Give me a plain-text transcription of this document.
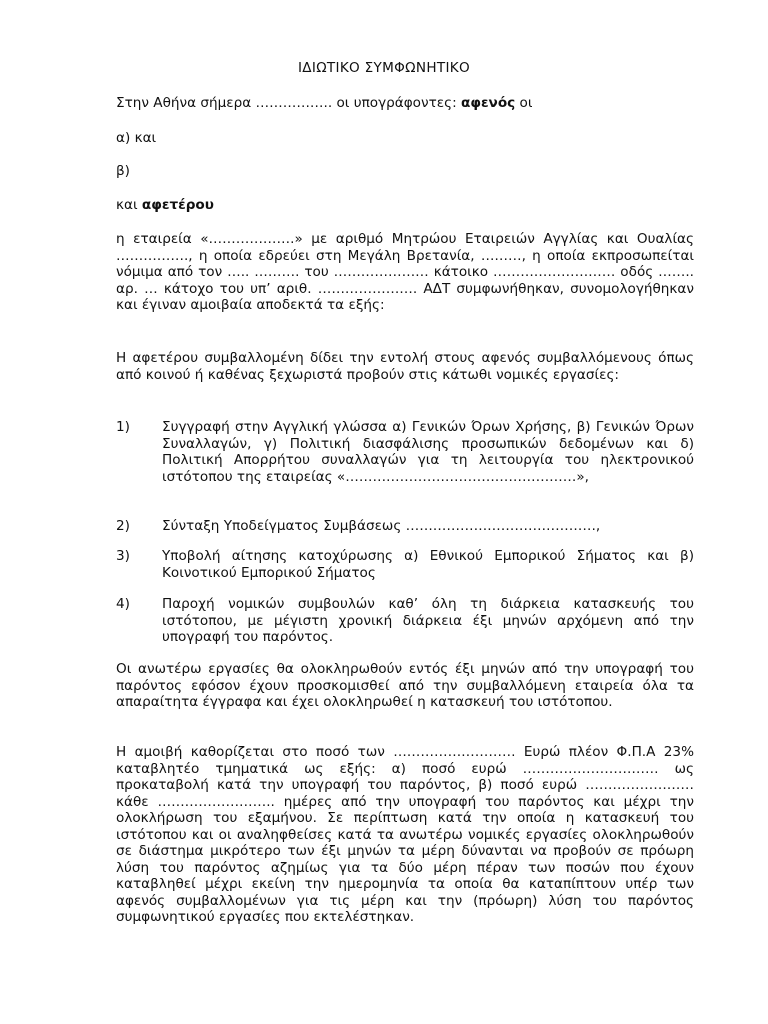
ΙΔΙΩΤΙΚΟ ΣΥΜΦΩΝΗΤΙΚΟ
Στην Αθήνα σήμερα …………….. οι υπογράφοντες: αφενός οι
α) και
β)
και αφετέρου
η εταιρεία «……………….» με αριθμό Μητρώου Εταιρειών Αγγλίας και Ουαλίας ……………., η οποία εδρεύει στη Μεγάλη Βρετανία, ………, η οποία εκπροσωπείται νόμιμα από τον ….. ………. του ………………… κάτοικο ……………………… οδός …….. αρ. … κάτοχο του υπ’ αριθ. …………………. ΑΔΤ συμφωνήθηκαν, συνομολογήθηκαν και έγιναν αμοιβαία αποδεκτά τα εξής:
Η αφετέρου συμβαλλομένη δίδει την εντολή στους αφενός συμβαλλόμενους όπως από κοινού ή καθένας ξεχωριστά προβούν στις κάτωθι νομικές εργασίες:
1) Συγγραφή στην Αγγλική γλώσσα α) Γενικών Όρων Χρήσης, β) Γενικών Όρων Συναλλαγών, γ) Πολιτική διασφάλισης προσωπικών δεδομένων και δ) Πολιτική Απορρήτου συναλλαγών για τη λειτουργία του ηλεκτρονικού ιστότοπου της εταιρείας «……………………………………………»,
2) Σύνταξη Υποδείγματος Συμβάσεως ……………………………………,
3) Υποβολή αίτησης κατοχύρωσης α) Εθνικού Εμπορικού Σήματος και β) Κοινοτικού Εμπορικού Σήματος
4) Παροχή νομικών συμβουλών καθ’ όλη τη διάρκεια κατασκευής του ιστότοπου, με μέγιστη χρονική διάρκεια έξι μηνών αρχόμενη από την υπογραφή του παρόντος.
Οι ανωτέρω εργασίες θα ολοκληρωθούν εντός έξι μηνών από την υπογραφή του παρόντος εφόσον έχουν προσκομισθεί από την συμβαλλόμενη εταιρεία όλα τα απαραίτητα έγγραφα και έχει ολοκληρωθεί η κατασκευή του ιστότοπου.
Η αμοιβή καθορίζεται στο ποσό των ……………………… Ευρώ πλέον Φ.Π.Α 23% καταβλητέο τμηματικά ως εξής: α) ποσό ευρώ ………………………… ως προκαταβολή κατά την υπογραφή του παρόντος, β) ποσό ευρώ …………………… κάθε …………………….. ημέρες από την υπογραφή του παρόντος και μέχρι την ολοκλήρωση του εξαμήνου. Σε περίπτωση κατά την οποία η κατασκευή του ιστότοπου και οι αναληφθείσες κατά τα ανωτέρω νομικές εργασίες ολοκληρωθούν σε διάστημα μικρότερο των έξι μηνών τα μέρη δύνανται να προβούν σε πρόωρη λύση του παρόντος αζημίως για τα δύο μέρη πέραν των ποσών που έχουν καταβληθεί μέχρι εκείνη την ημερομηνία τα οποία θα καταπίπτουν υπέρ των αφενός συμβαλλομένων για τις μέρη και την (πρόωρη) λύση του παρόντος συμφωνητικού εργασίες που εκτελέστηκαν.
